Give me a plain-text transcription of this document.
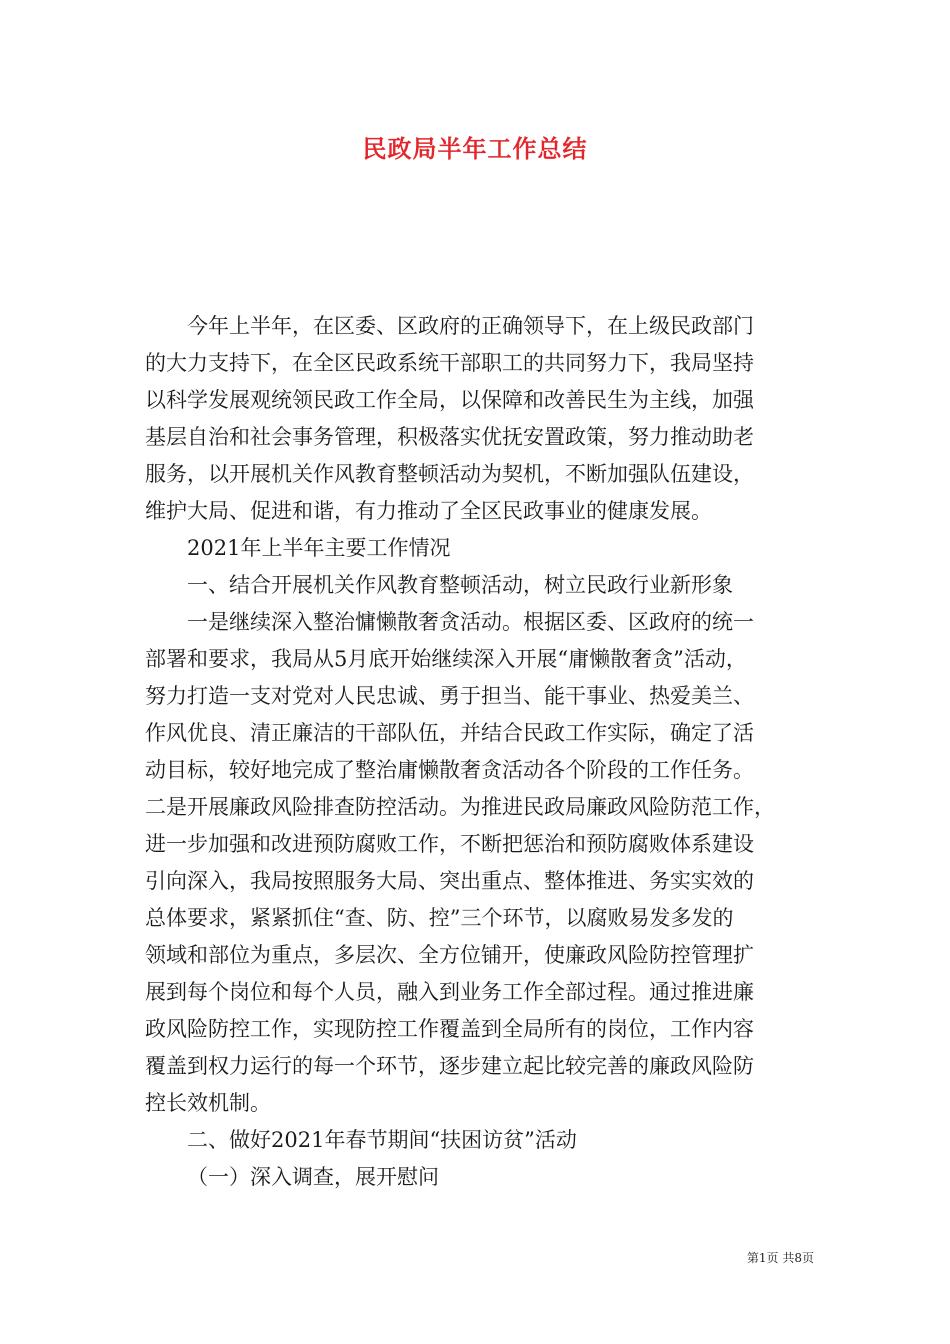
民政局半年工作总结
今年上半年，在区委、区政府的正确领导下，在上级民政部门
的大力支持下，在全区民政系统干部职工的共同努力下，我局坚持
以科学发展观统领民政工作全局，以保障和改善民生为主线，加强
基层自治和社会事务管理，积极落实优抚安置政策，努力推动助老
服务，以开展机关作风教育整顿活动为契机，不断加强队伍建设，
维护大局、促进和谐，有力推动了全区民政事业的健康发展。
2021年上半年主要工作情况
一、结合开展机关作风教育整顿活动，树立民政行业新形象
一是继续深入整治慵懒散奢贪活动。根据区委、区政府的统一
部署和要求，我局从5月底开始继续深入开展“庸懒散奢贪”活动，
努力打造一支对党对人民忠诚、勇于担当、能干事业、热爱美兰、
作风优良、清正廉洁的干部队伍，并结合民政工作实际，确定了活
动目标，较好地完成了整治庸懒散奢贪活动各个阶段的工作任务。
二是开展廉政风险排查防控活动。为推进民政局廉政风险防范工作，
进一步加强和改进预防腐败工作，不断把惩治和预防腐败体系建设
引向深入，我局按照服务大局、突出重点、整体推进、务实实效的
总体要求，紧紧抓住“查、防、控”三个环节，以腐败易发多发的
领域和部位为重点，多层次、全方位铺开，使廉政风险防控管理扩
展到每个岗位和每个人员，融入到业务工作全部过程。通过推进廉
政风险防控工作，实现防控工作覆盖到全局所有的岗位，工作内容
覆盖到权力运行的每一个环节，逐步建立起比较完善的廉政风险防
控长效机制。
二、做好2021年春节期间“扶困访贫”活动
（一）深入调查，展开慰问
第1页 共8页
